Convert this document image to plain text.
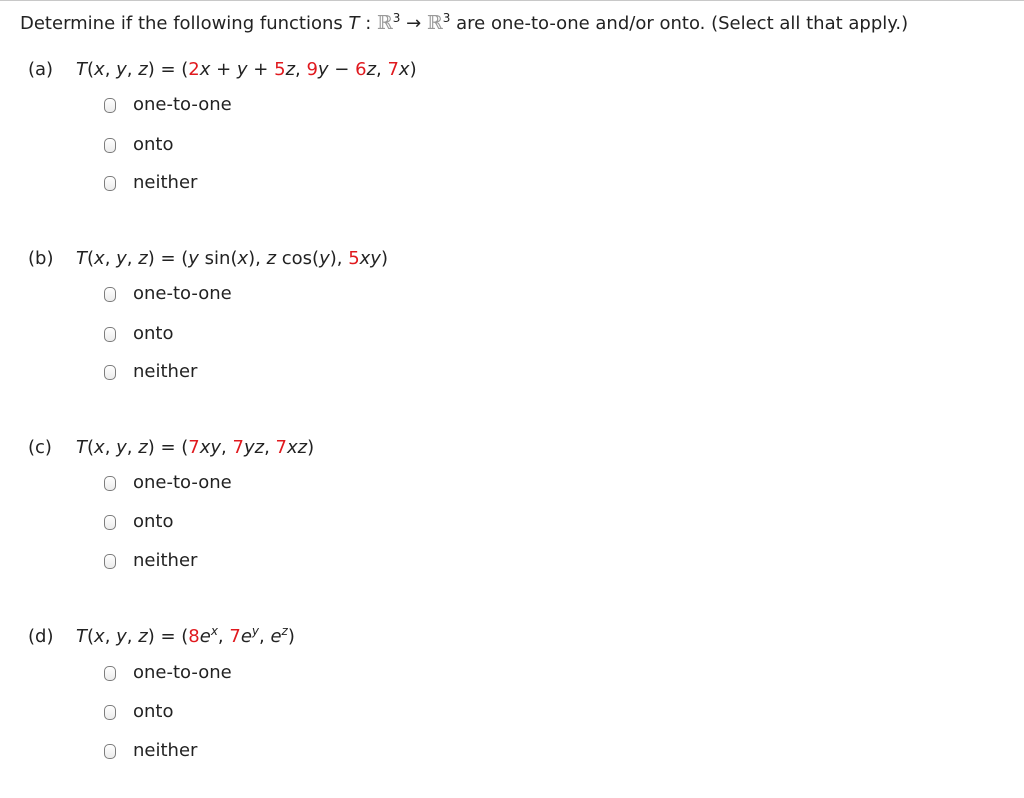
Determine if the following functions T : ℝ$^3$ → ℝ$^3$ are one-to-one and/or onto. (Select all that apply.)
(a) T(x, y, z) = (2x + y + 5z, 9y − 6z, 7x)
one-to-one
onto
neither
(b) T(x, y, z) = (y sin(x), z cos(y), 5xy)
one-to-one
onto
neither
(c) T(x, y, z) = (7xy, 7yz, 7xz)
one-to-one
onto
neither
(d) T(x, y, $z) = (8e^x$, $7e^y$, $e^z$)
one-to-one
onto
neither
